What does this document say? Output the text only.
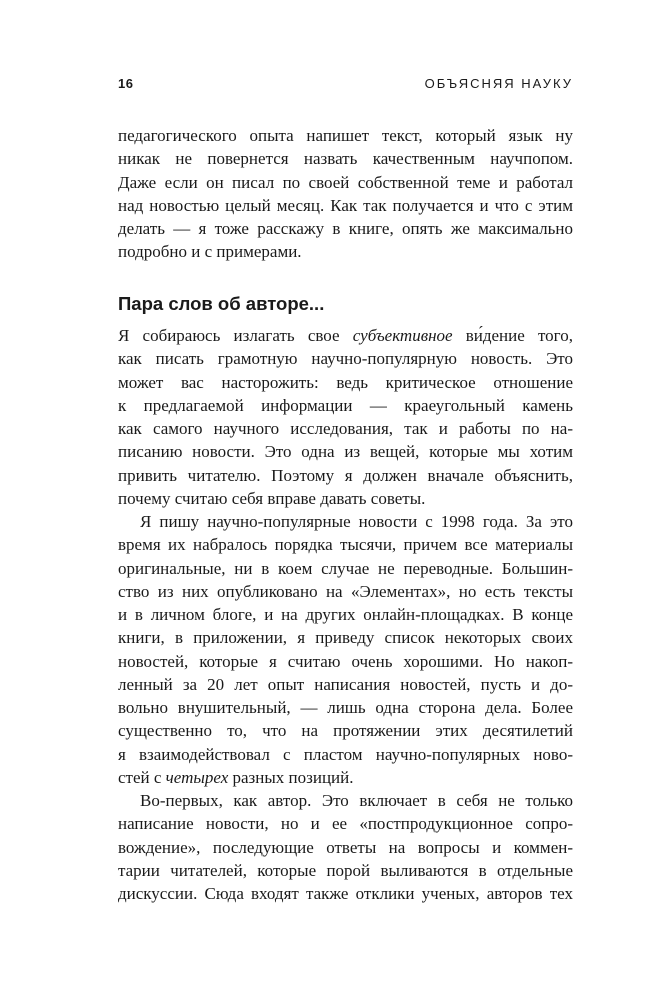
16	ОБЪЯСНЯЯ НАУКУ
педагогического опыта напишет текст, который язык ну
никак не повернется назвать качественным научпопом.
Даже если он писал по своей собственной теме и работал
над новостью целый месяц. Как так получается и что с этим
делать — я тоже расскажу в книге, опять же максимально
подробно и с примерами.
Пара слов об авторе...
Я собираюсь излагать свое субъективное ви́дение того,
как писать грамотную научно-популярную новость. Это
может вас насторожить: ведь критическое отношение
к предлагаемой информации — краеугольный камень
как самого научного исследования, так и работы по на-
писанию новости. Это одна из вещей, которые мы хотим
привить читателю. Поэтому я должен вначале объяснить,
почему считаю себя вправе давать советы.
Я пишу научно-популярные новости с 1998 года. За это
время их набралось порядка тысячи, причем все материалы
оригинальные, ни в коем случае не переводные. Большин-
ство из них опубликовано на «Элементах», но есть тексты
и в личном блоге, и на других онлайн-площадках. В конце
книги, в приложении, я приведу список некоторых своих
новостей, которые я считаю очень хорошими. Но накоп-
ленный за 20 лет опыт написания новостей, пусть и до-
вольно внушительный, — лишь одна сторона дела. Более
существенно то, что на протяжении этих десятилетий
я взаимодействовал с пластом научно-популярных ново-
стей с четырех разных позиций.
Во-первых, как автор. Это включает в себя не только
написание новости, но и ее «постпродукционное сопро-
вождение», последующие ответы на вопросы и коммен-
тарии читателей, которые порой выливаются в отдельные
дискуссии. Сюда входят также отклики ученых, авторов тех
